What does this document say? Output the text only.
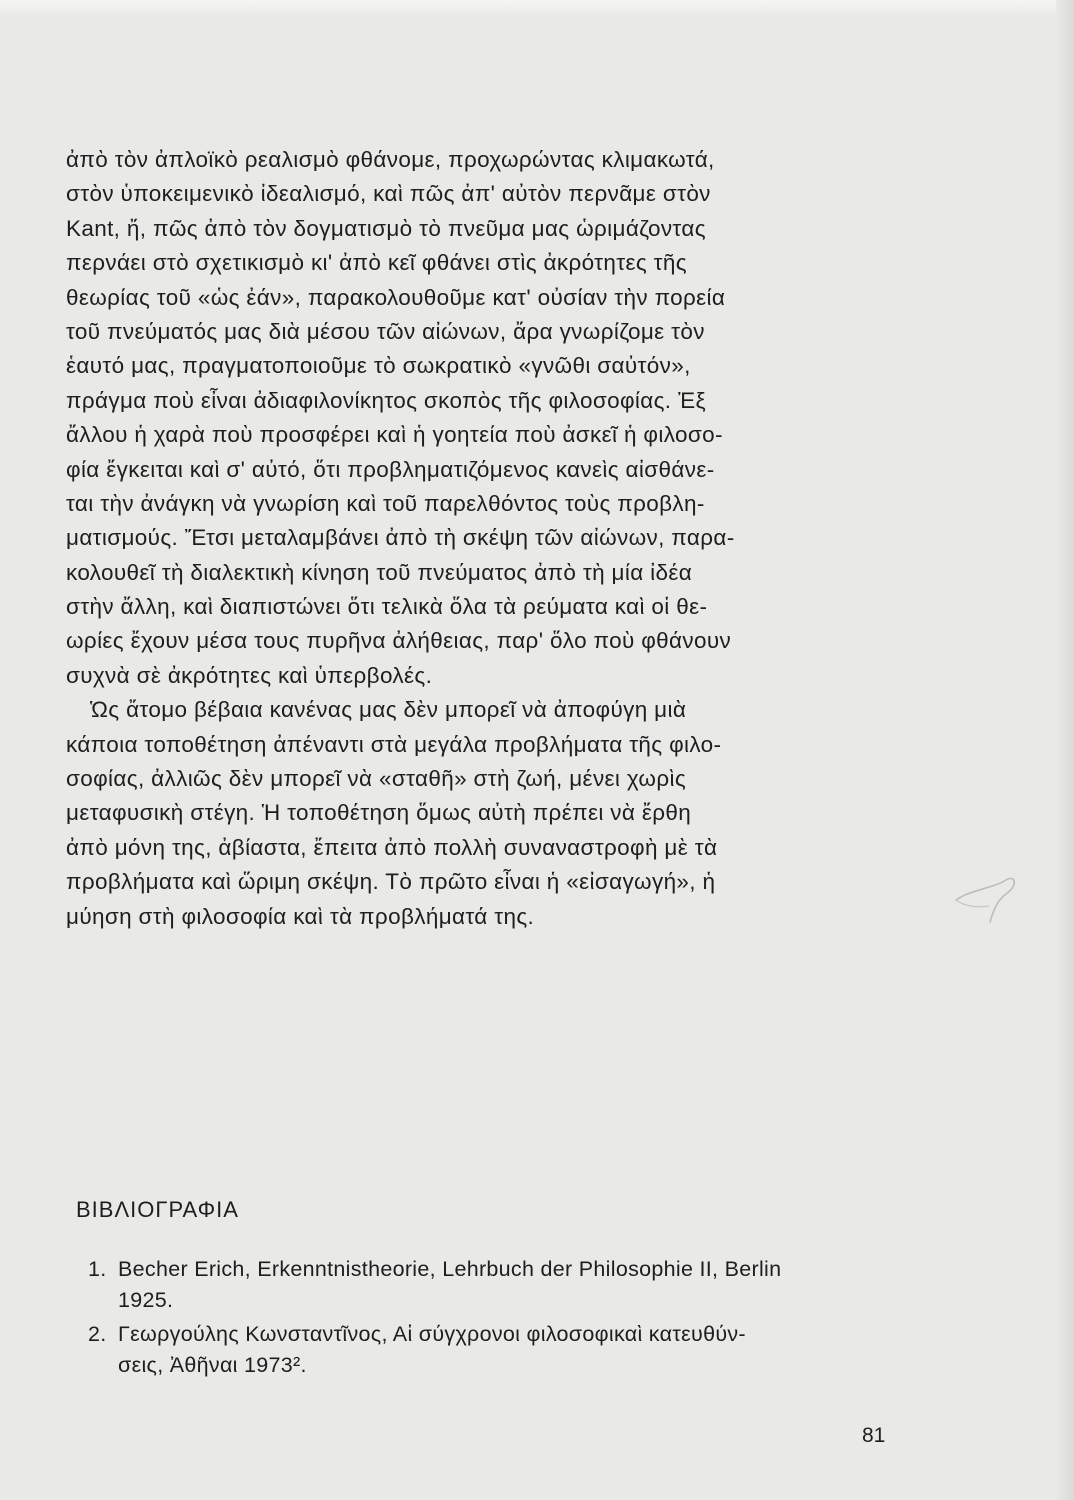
ἀπὸ τὸν ἀπλοϊκὸ ρεαλισμὸ φθάνομε, προχωρώντας κλιμακωτά,
στὸν ὑποκειμενικὸ ἰδεαλισμό, καὶ πῶς ἀπ' αὐτὸν περνᾶμε στὸν
Kant, ἤ, πῶς ἀπὸ τὸν δογματισμὸ τὸ πνεῦμα μας ὡριμάζοντας
περνάει στὸ σχετικισμὸ κι' ἀπὸ κεῖ φθάνει στὶς ἀκρότητες τῆς
θεωρίας τοῦ «ὡς ἐάν», παρακολουθοῦμε κατ' οὐσίαν τὴν πορεία
τοῦ πνεύματός μας διὰ μέσου τῶν αἰώνων, ἄρα γνωρίζομε τὸν
ἑαυτό μας, πραγματοποιοῦμε τὸ σωκρατικὸ «γνῶθι σαὐτόν»,
πράγμα ποὺ εἶναι ἀδιαφιλονίκητος σκοπὸς τῆς φιλοσοφίας. Ἐξ
ἄλλου ἡ χαρὰ ποὺ προσφέρει καὶ ἡ γοητεία ποὺ ἀσκεῖ ἡ φιλοσο-
φία ἔγκειται καὶ σ' αὐτό, ὅτι προβληματιζόμενος κανεὶς αἰσθάνε-
ται τὴν ἀνάγκη νὰ γνωρίση καὶ τοῦ παρελθόντος τοὺς προβλη-
ματισμούς. Ἔτσι μεταλαμβάνει ἀπὸ τὴ σκέψη τῶν αἰώνων, παρα-
κολουθεῖ τὴ διαλεκτικὴ κίνηση τοῦ πνεύματος ἀπὸ τὴ μία ἰδέα
στὴν ἄλλη, καὶ διαπιστώνει ὅτι τελικὰ ὅλα τὰ ρεύματα καὶ οἱ θε-
ωρίες ἔχουν μέσα τους πυρῆνα ἀλήθειας, παρ' ὅλο ποὺ φθάνουν
συχνὰ σὲ ἀκρότητες καὶ ὑπερβολές.
Ὡς ἄτομο βέβαια κανένας μας δὲν μπορεῖ νὰ ἀποφύγη μιὰ
κάποια τοποθέτηση ἀπέναντι στὰ μεγάλα προβλήματα τῆς φιλο-
σοφίας, ἀλλιῶς δὲν μπορεῖ νὰ «σταθῆ» στὴ ζωή, μένει χωρὶς
μεταφυσικὴ στέγη. Ἡ τοποθέτηση ὅμως αὐτὴ πρέπει νὰ ἔρθη
ἀπὸ μόνη της, ἀβίαστα, ἔπειτα ἀπὸ πολλὴ συναναστροφὴ μὲ τὰ
προβλήματα καὶ ὥριμη σκέψη. Τὸ πρῶτο εἶναι ἡ «εἰσαγωγή», ἡ
μύηση στὴ φιλοσοφία καὶ τὰ προβλήματά της.
ΒΙΒΛΙΟΓΡΑΦΙΑ
1. Becher Erich, Erkenntnistheorie, Lehrbuch der Philosophie II, Berlin
1925.
2. Γεωργούλης Κωνσταντῖνος, Αἱ σύγχρονοι φιλοσοφικαὶ κατευθύν-
σεις, Ἀθῆναι 1973².

81
